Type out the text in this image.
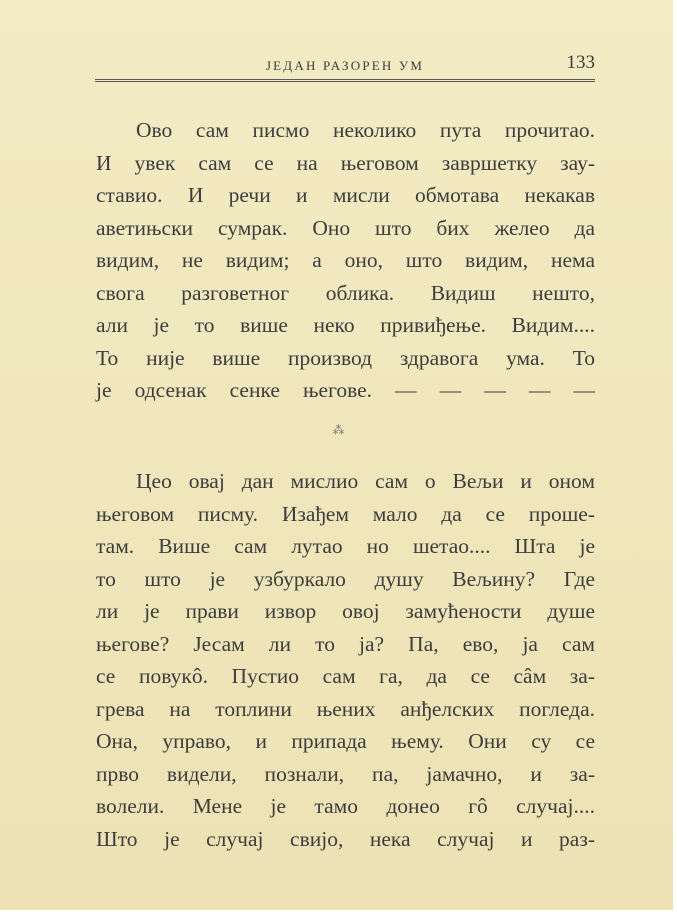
ЈЕДАН РАЗОРЕН УМ	133
Ово сам писмо неколико пута прочитао.
И увек сам се на његовом завршетку зау-
ставио. И речи и мисли обмотава некакав
аветињски сумрак. Оно што бих желео да
видим, не видим; а оно, што видим, нема
свога разговетног облика. Видиш нешто,
али је то више неко привиђење. Видим....
То није више производ здравога ума. То
је одсенак сенке његове. — — — — —
⁂
Цео овај дан мислио сам о Вељи и оном
његовом писму. Изађем мало да се проше-
там. Више сам лутао но шетао.... Шта је
то што је узбуркало душу Вељину? Где
ли је прави извор овој замућености душе
његове? Јесам ли то ја? Па, ево, ја сам
се повукô. Пустио сам га, да се сâм за-
грева на топлини њених анђелских погледа.
Она, управо, и припада њему. Они су се
прво видели, познали, па, јамачно, и за-
волели. Мене је тамо донео гô случај....
Што је случај свијо, нека случај и раз-
